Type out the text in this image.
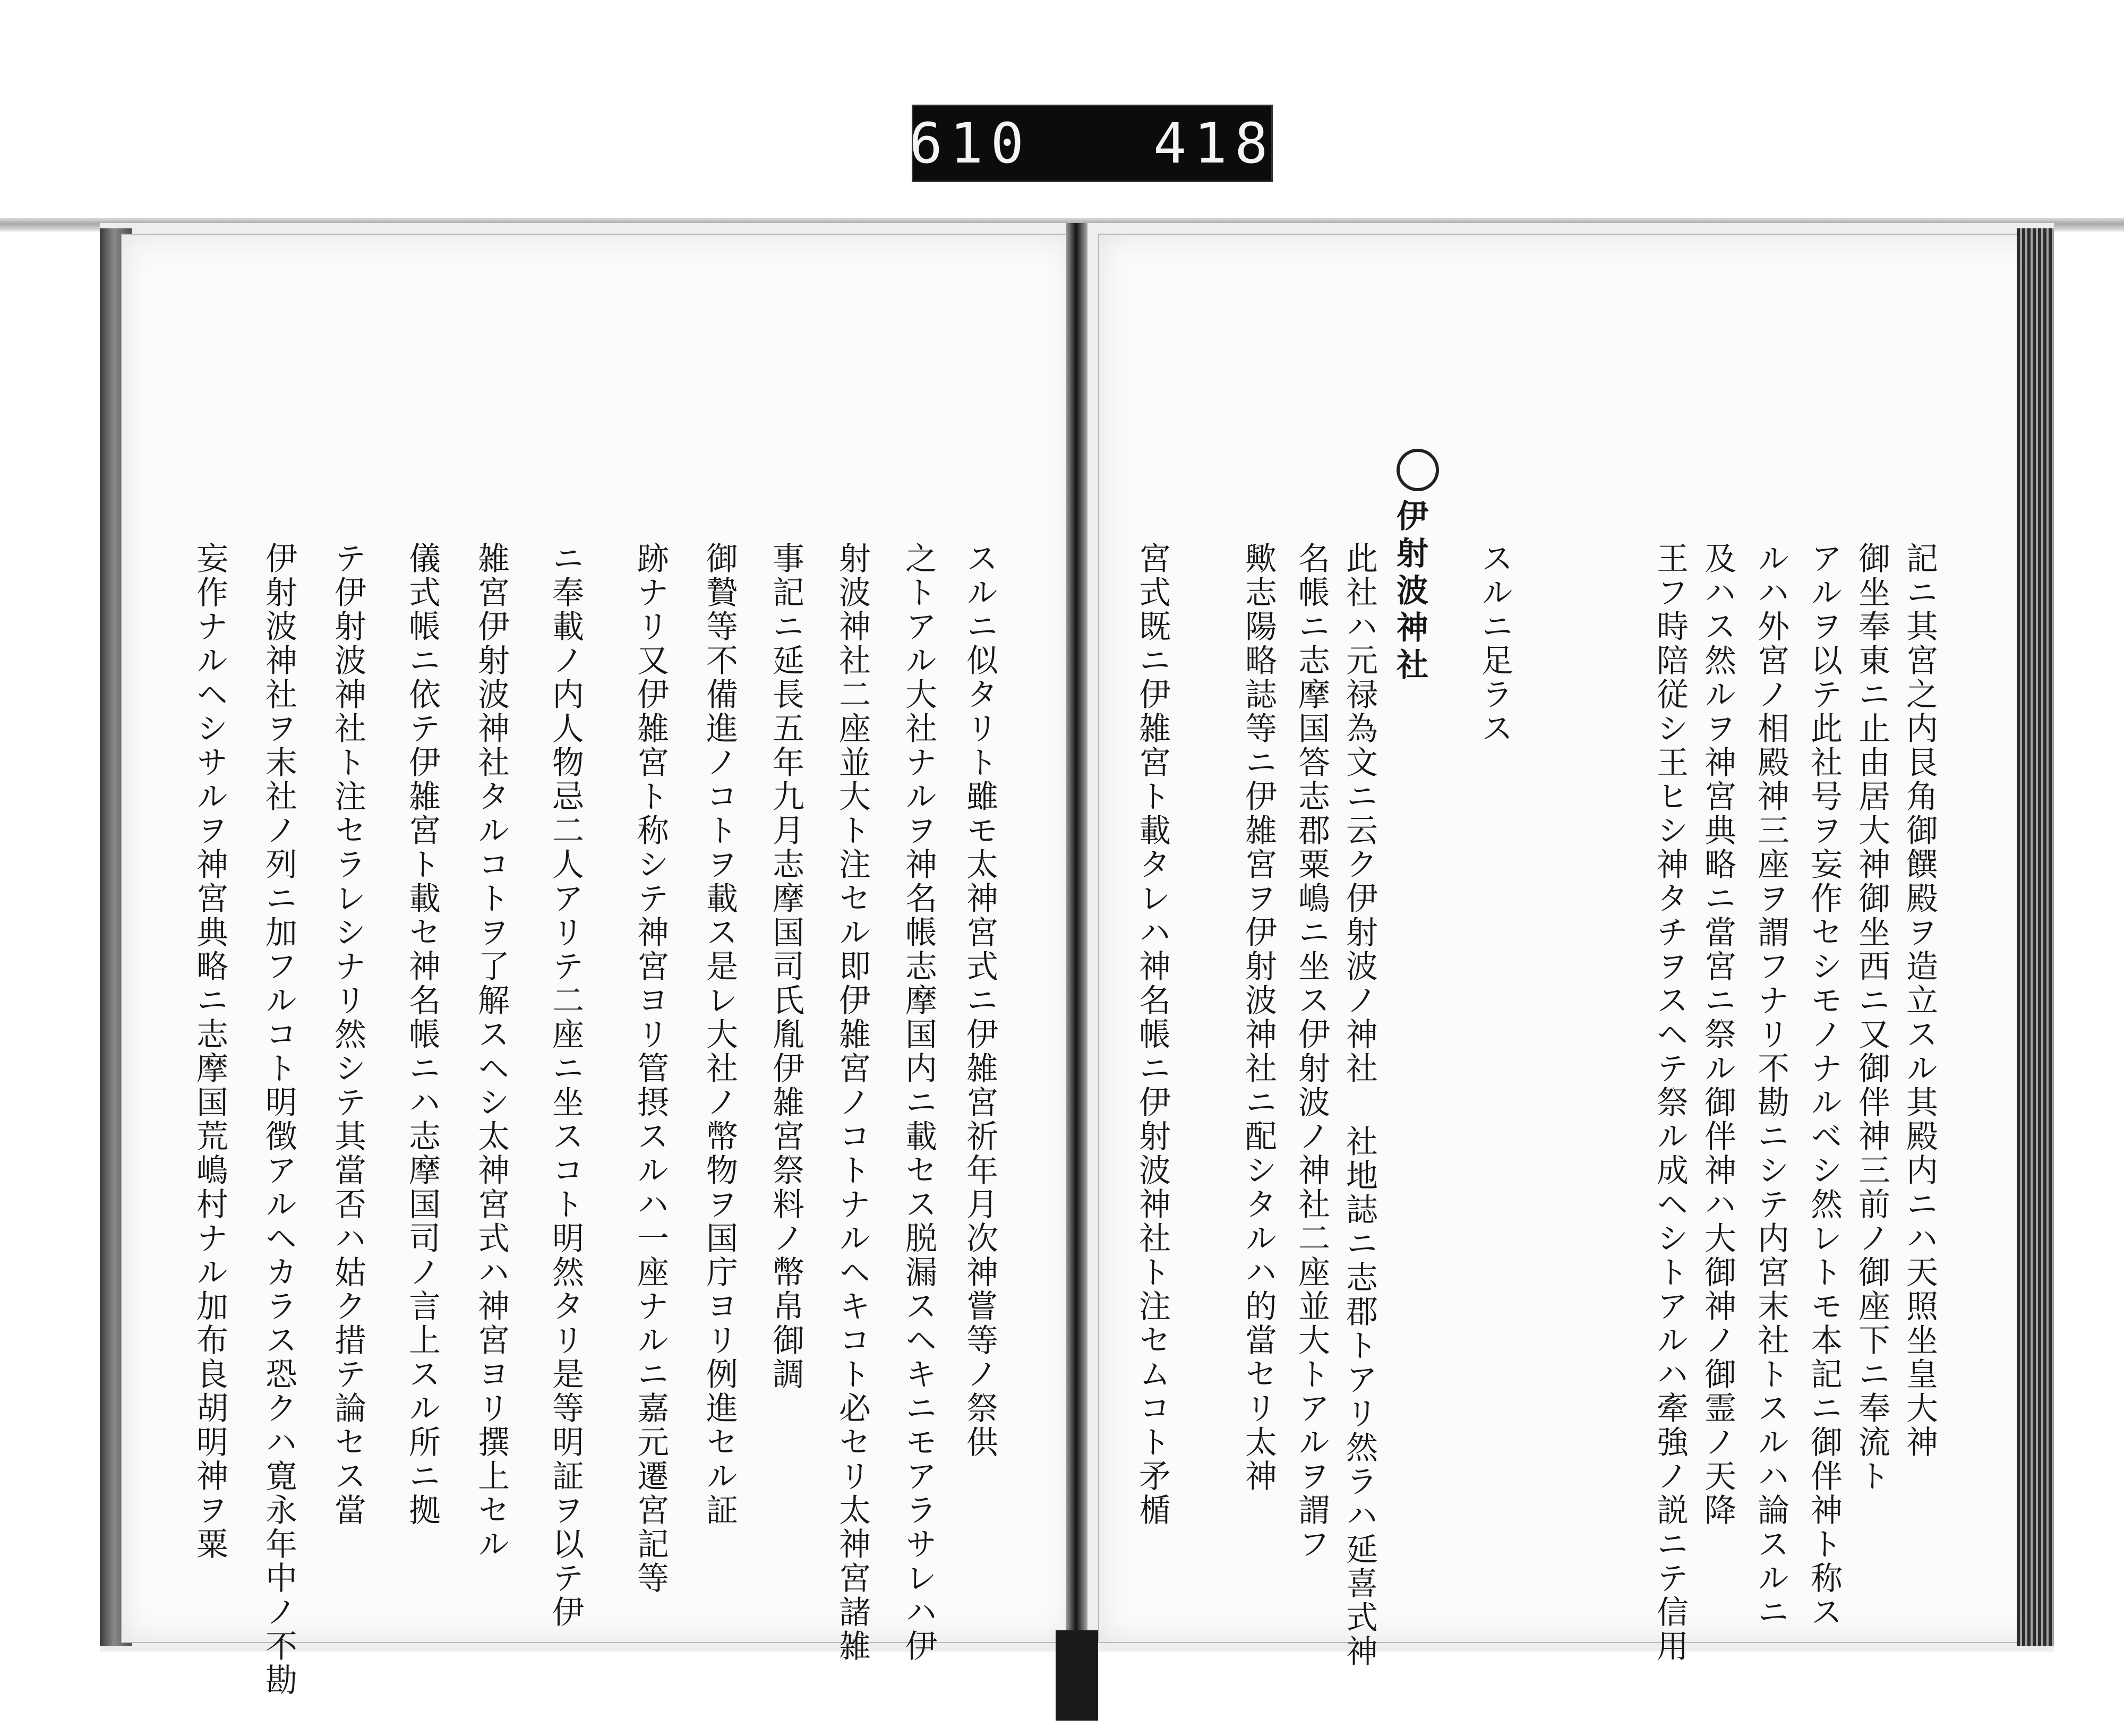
610   418
記ニ其宮之内艮角御饌殿ヲ造立スル其殿内ニハ天照坐皇大神
御坐奉東ニ止由居大神御坐西ニ又御伴神三前ノ御座下ニ奉流ト
アルヲ以テ此社号ヲ妄作セシモノナルベシ然レトモ本記ニ御伴神ト称ス
ルハ外宮ノ相殿神三座ヲ謂フナリ不勘ニシテ内宮末社トスルハ論スルニ
及ハス然ルヲ神宮典略ニ當宮ニ祭ル御伴神ハ大御神ノ御霊ノ天降
王フ時陪従シ王ヒシ神タチヲスヘテ祭ル成ヘシトアルハ牽強ノ説ニテ信用
スルニ足ラス
伊射波神社
此社ハ元禄為文ニ云ク伊射波ノ神社 社地誌ニ志郡トアリ然ラハ延喜式神
名帳ニ志摩国答志郡粟嶋ニ坐ス伊射波ノ神社二座並大トアルヲ謂フ
歟志陽略誌等ニ伊雑宮ヲ伊射波神社ニ配シタルハ的當セリ太神
宮式既ニ伊雑宮ト載タレハ神名帳ニ伊射波神社ト注セムコト矛楯
スルニ似タリト雖モ太神宮式ニ伊雑宮祈年月次神嘗等ノ祭供
之トアル大社ナルヲ神名帳志摩国内ニ載セス脱漏スヘキニモアラサレハ伊
射波神社二座並大ト注セル即伊雑宮ノコトナルヘキコト必セリ太神宮諸雑
事記ニ延長五年九月志摩国司氏胤伊雑宮祭料ノ幣帛御調
御贄等不備進ノコトヲ載ス是レ大社ノ幣物ヲ国庁ヨリ例進セル証
跡ナリ又伊雑宮ト称シテ神宮ヨリ管摂スルハ一座ナルニ嘉元遷宮記等
ニ奉載ノ内人物忌二人アリテ二座ニ坐スコト明然タリ是等明証ヲ以テ伊
雑宮伊射波神社タルコトヲ了解スヘシ太神宮式ハ神宮ヨリ撰上セル
儀式帳ニ依テ伊雑宮ト載セ神名帳ニハ志摩国司ノ言上スル所ニ拠
テ伊射波神社ト注セラレシナリ然シテ其當否ハ姑ク措テ論セス當
伊射波神社ヲ末社ノ列ニ加フルコト明徴アルヘカラス恐クハ寛永年中ノ不勘
妄作ナルヘシサルヲ神宮典略ニ志摩国荒嶋村ナル加布良胡明神ヲ粟
